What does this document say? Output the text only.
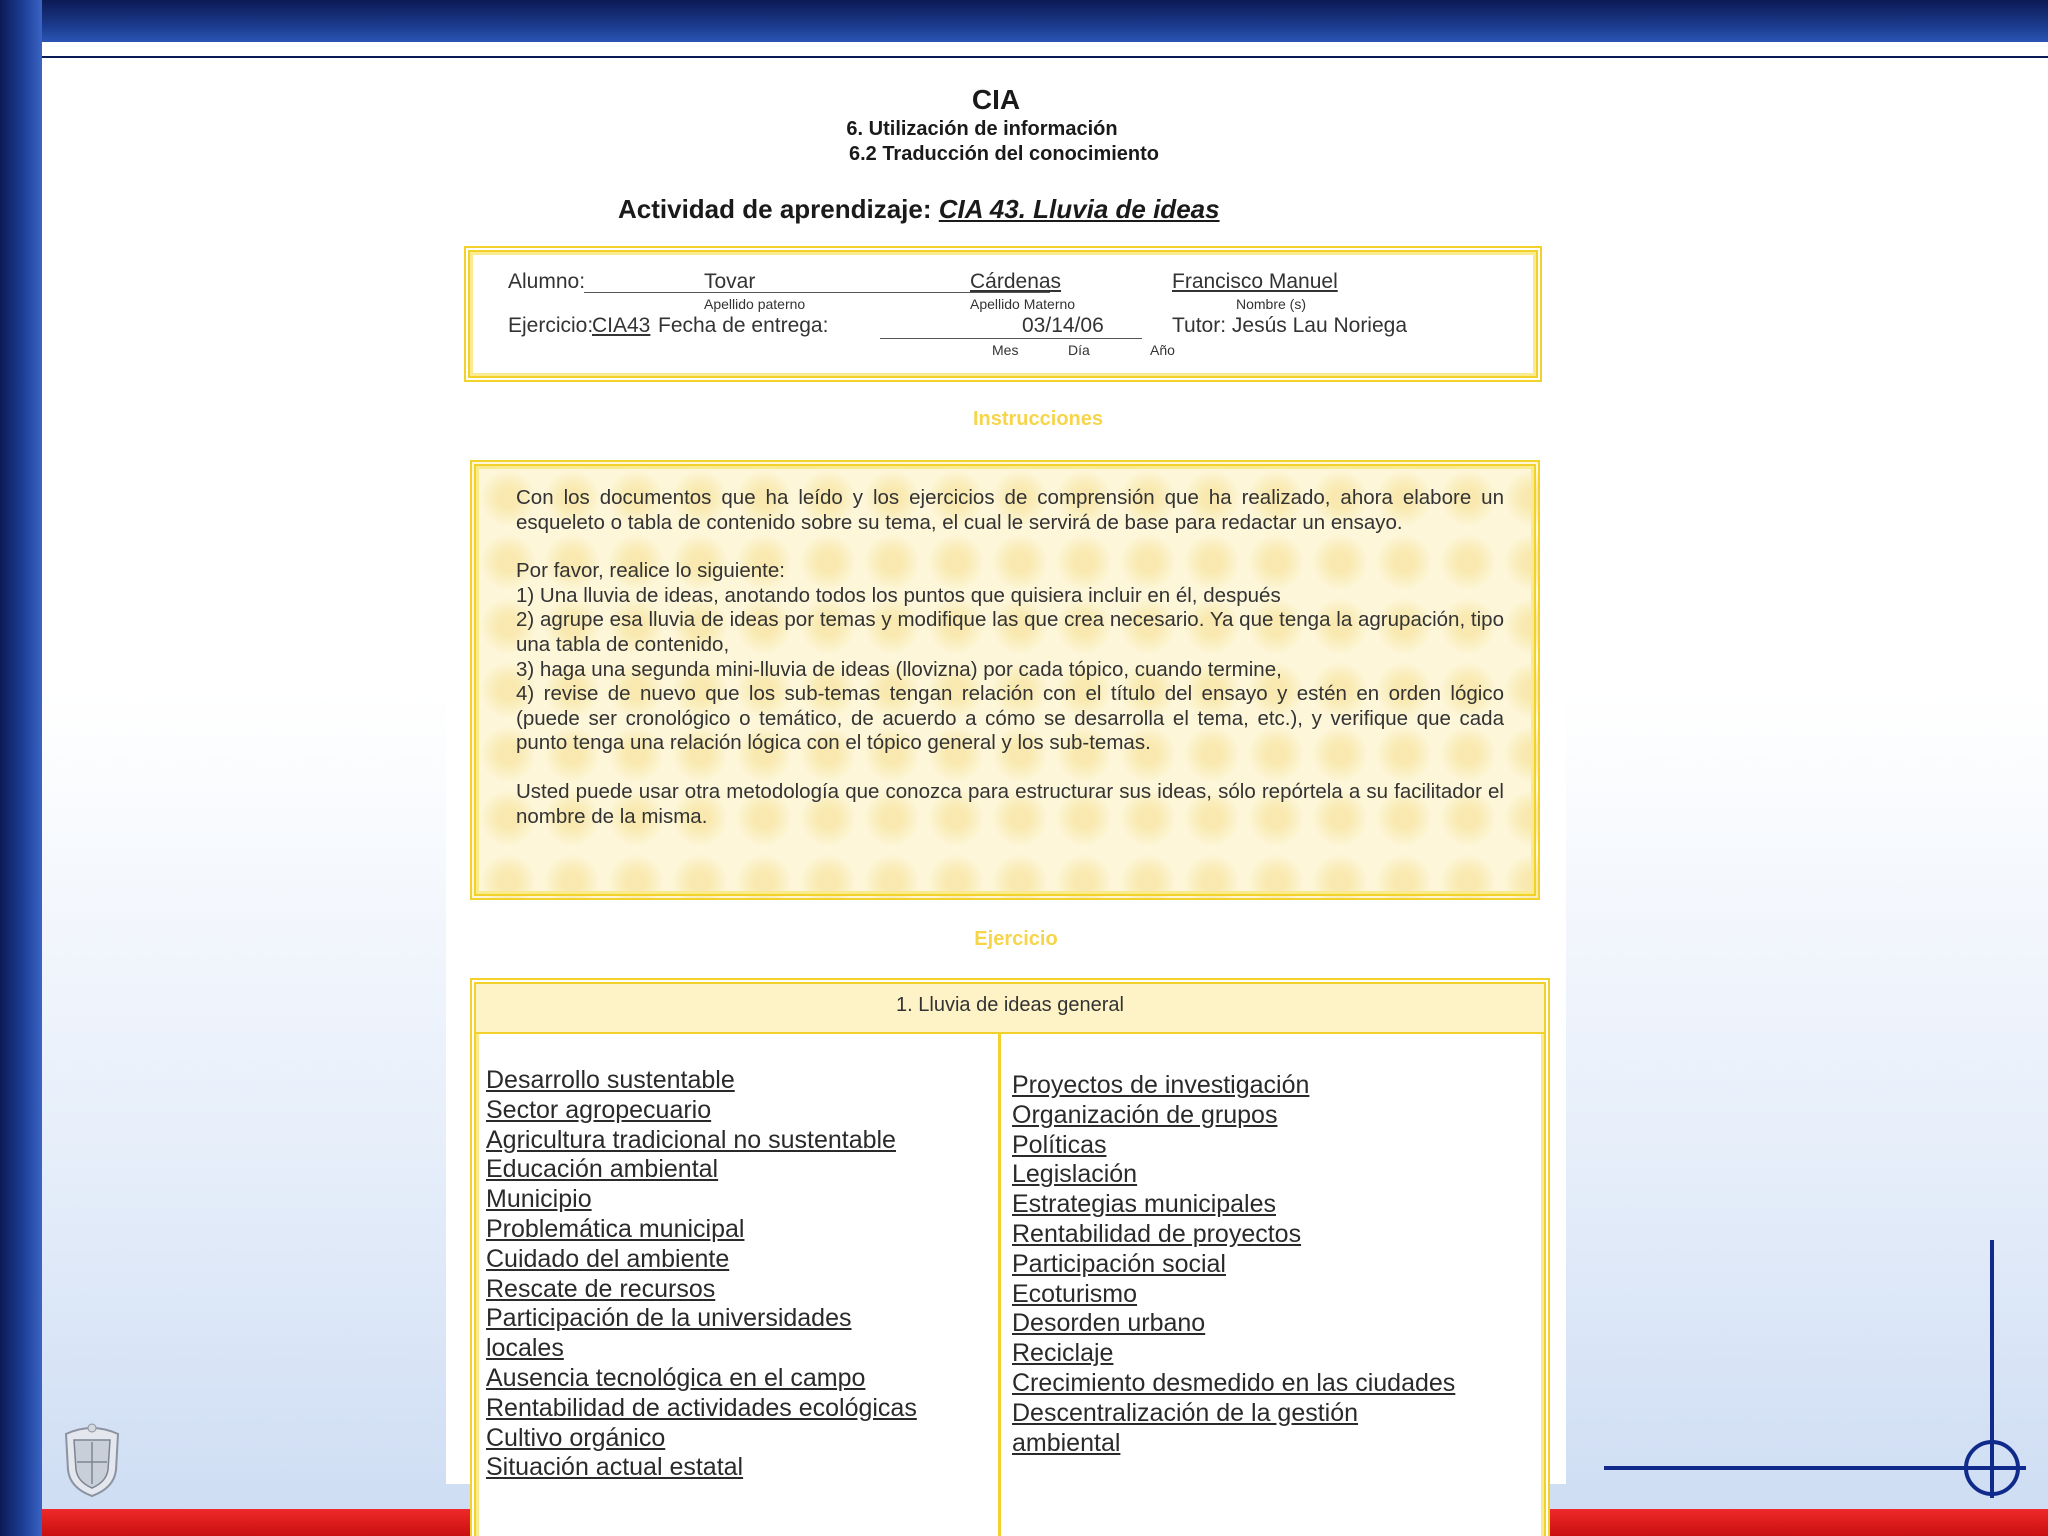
CIA
6. Utilización de información
6.2 Traducción del conocimiento
Actividad de aprendizaje: CIA 43. Lluvia de ideas
Alumno:	Tovar
Apellido paterno
Cárdenas
Apellido Materno
Francisco Manuel
Nombre (s)
Ejercicio:
CIA43 Fecha de entrega:	03/14/06
Mes	Día	Año
Tutor: Jesús Lau Noriega
Instrucciones

Con los documentos que ha leído y los ejercicios de comprensión que ha realizado, ahora elabore un esqueleto o tabla de contenido sobre su tema, el cual le servirá de base para redactar un ensayo.

Por favor, realice lo siguiente:

1) Una lluvia de ideas, anotando todos los puntos que quisiera incluir en él, después

2) agrupe esa lluvia de ideas por temas y modifique las que crea necesario. Ya que tenga la agrupación, tipo una tabla de contenido,

3) haga una segunda mini-lluvia de ideas (llovizna) por cada tópico, cuando termine,

4) revise de nuevo que los sub-temas tengan relación con el título del ensayo y estén en orden lógico (puede ser cronológico o temático, de acuerdo a cómo se desarrolla el tema, etc.), y verifique que cada punto tenga una relación lógica con el tópico general y los sub-temas.

Usted puede usar otra metodología que conozca para estructurar sus ideas, sólo repórtela a su facilitador el nombre de la misma.

Ejercicio
1. Lluvia de ideas general
Desarrollo sustentable
Sector agropecuario
Agricultura tradicional no sustentable
Educación ambiental
Municipio
Problemática municipal
Cuidado del ambiente
Rescate de recursos
Participación de la universidades
locales
Ausencia tecnológica en el campo
Rentabilidad de actividades ecológicas
Cultivo orgánico
Situación actual estatal
Proyectos de investigación
Organización de grupos
Políticas
Legislación
Estrategias municipales
Rentabilidad de proyectos
Participación social
Ecoturismo
Desorden urbano
Reciclaje
Crecimiento desmedido en las ciudades
Descentralización de la gestión
ambiental
